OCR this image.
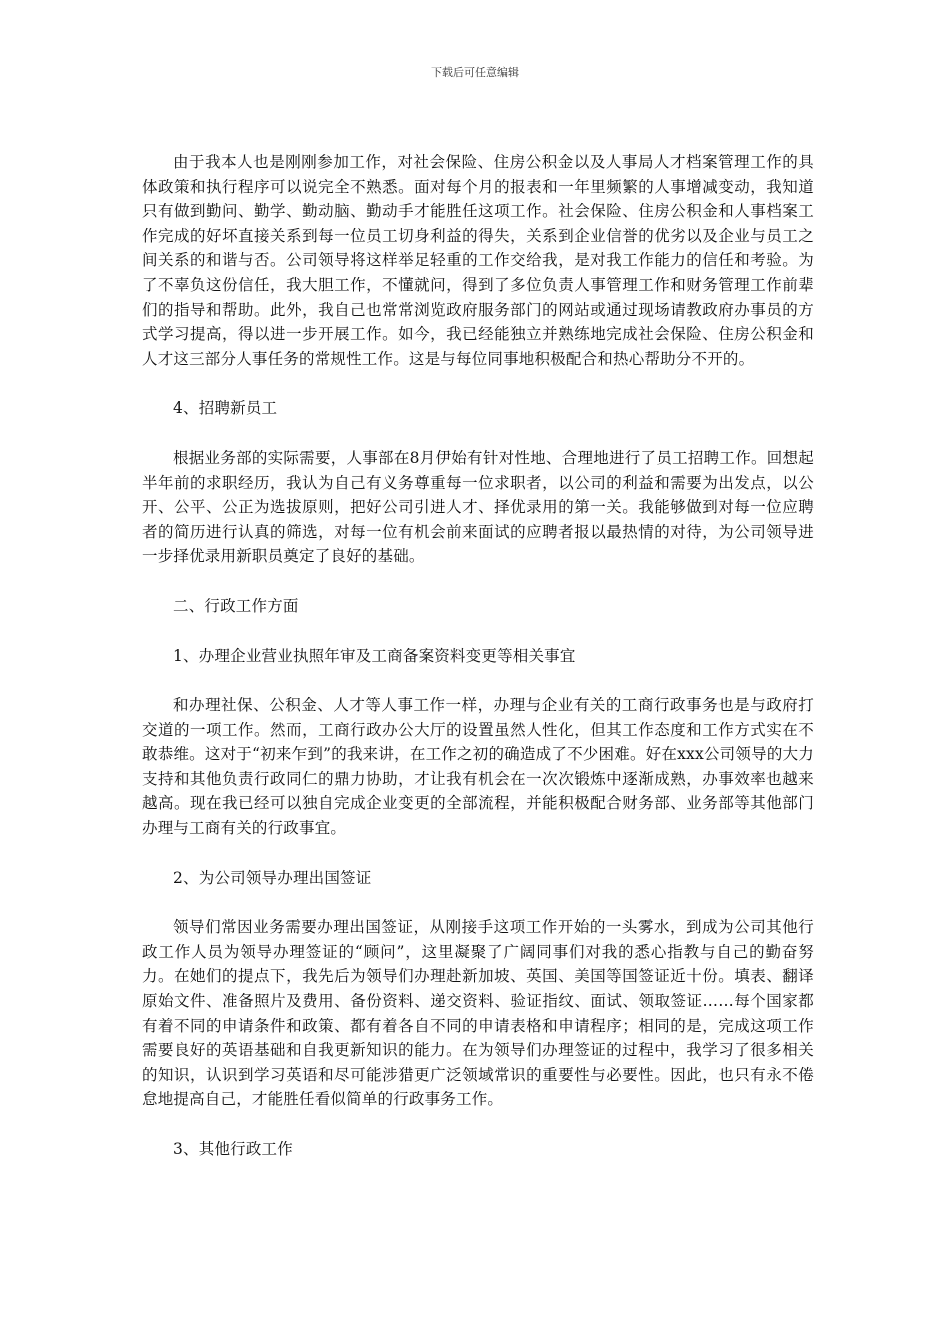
下载后可任意编辑

由于我本人也是刚刚参加工作，对社会保险、住房公积金以及人事局人才档案管理工作的具体政策和执行程序可以说完全不熟悉。面对每个月的报表和一年里频繁的人事增减变动，我知道只有做到勤问、勤学、勤动脑、勤动手才能胜任这项工作。社会保险、住房公积金和人事档案工作完成的好坏直接关系到每一位员工切身利益的得失，关系到企业信誉的优劣以及企业与员工之间关系的和谐与否。公司领导将这样举足轻重的工作交给我，是对我工作能力的信任和考验。为了不辜负这份信任，我大胆工作，不懂就问，得到了多位负责人事管理工作和财务管理工作前辈们的指导和帮助。此外，我自己也常常浏览政府服务部门的网站或通过现场请教政府办事员的方式学习提高，得以进一步开展工作。如今，我已经能独立并熟练地完成社会保险、住房公积金和人才这三部分人事任务的常规性工作。这是与每位同事地积极配合和热心帮助分不开的。

4、招聘新员工

根据业务部的实际需要，人事部在8月伊始有针对性地、合理地进行了员工招聘工作。回想起半年前的求职经历，我认为自己有义务尊重每一位求职者，以公司的利益和需要为出发点，以公开、公平、公正为选拔原则，把好公司引进人才、择优录用的第一关。我能够做到对每一位应聘者的简历进行认真的筛选，对每一位有机会前来面试的应聘者报以最热情的对待，为公司领导进一步择优录用新职员奠定了良好的基础。

二、行政工作方面

1、办理企业营业执照年审及工商备案资料变更等相关事宜

和办理社保、公积金、人才等人事工作一样，办理与企业有关的工商行政事务也是与政府打交道的一项工作。然而，工商行政办公大厅的设置虽然人性化，但其工作态度和工作方式实在不敢恭维。这对于“初来乍到”的我来讲，在工作之初的确造成了不少困难。好在xxx公司领导的大力支持和其他负责行政同仁的鼎力协助，才让我有机会在一次次锻炼中逐渐成熟，办事效率也越来越高。现在我已经可以独自完成企业变更的全部流程，并能积极配合财务部、业务部等其他部门办理与工商有关的行政事宜。

2、为公司领导办理出国签证

领导们常因业务需要办理出国签证，从刚接手这项工作开始的一头雾水，到成为公司其他行政工作人员为领导办理签证的“顾问”，这里凝聚了广阔同事们对我的悉心指教与自己的勤奋努力。在她们的提点下，我先后为领导们办理赴新加坡、英国、美国等国签证近十份。填表、翻译原始文件、准备照片及费用、备份资料、递交资料、验证指纹、面试、领取签证……每个国家都有着不同的申请条件和政策、都有着各自不同的申请表格和申请程序；相同的是，完成这项工作需要良好的英语基础和自我更新知识的能力。在为领导们办理签证的过程中，我学习了很多相关的知识，认识到学习英语和尽可能涉猎更广泛领域常识的重要性与必要性。因此，也只有永不倦怠地提高自己，才能胜任看似简单的行政事务工作。

3、其他行政工作
